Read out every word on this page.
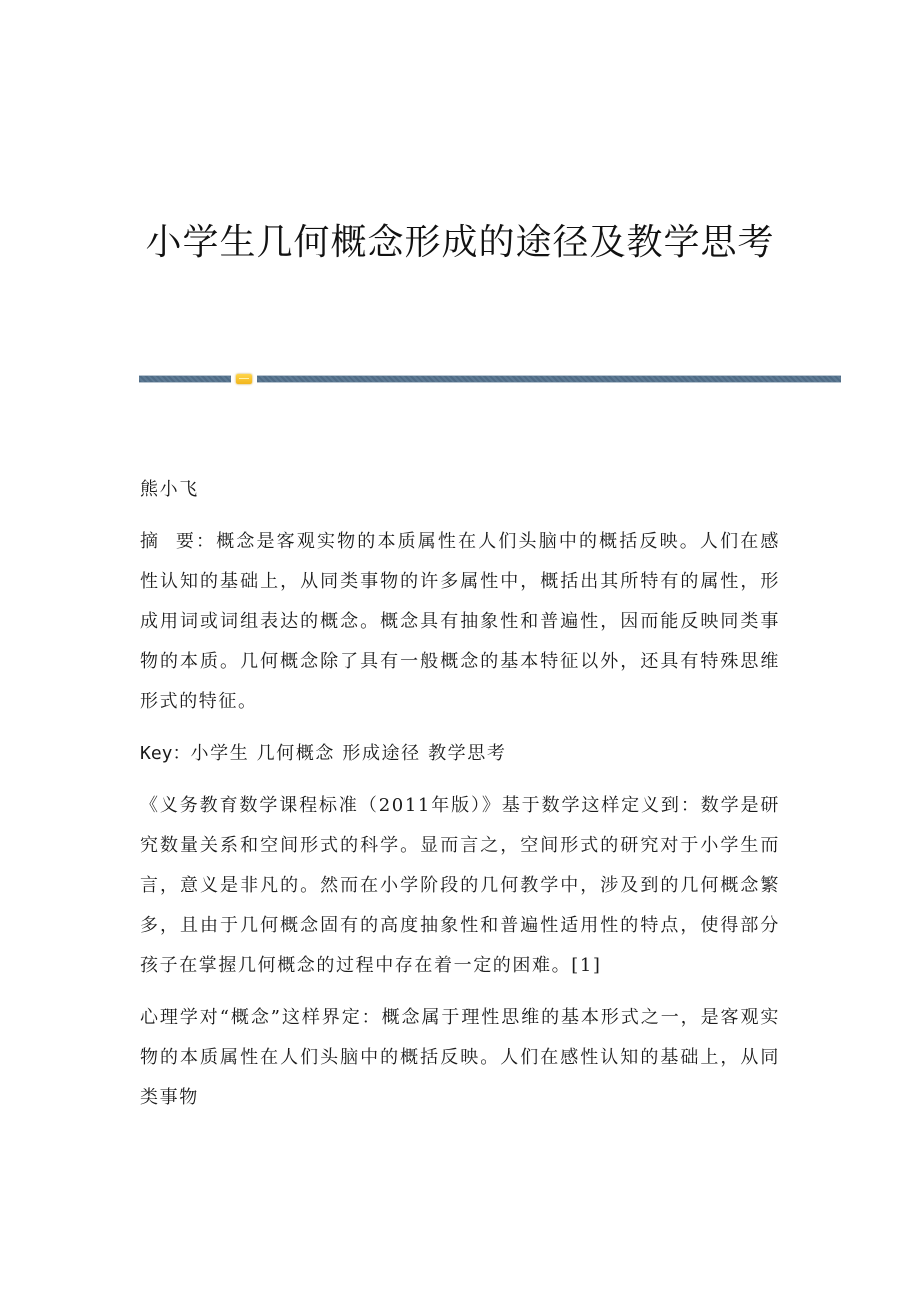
小学生几何概念形成的途径及教学思考

熊小飞

摘  要：概念是客观实物的本质属性在人们头脑中的概括反映。人们在感性认知的基础上，从同类事物的许多属性中，概括出其所特有的属性，形成用词或词组表达的概念。概念具有抽象性和普遍性，因而能反映同类事物的本质。几何概念除了具有一般概念的基本特征以外，还具有特殊思维形式的特征。

Key：小学生 几何概念 形成途径 教学思考

《义务教育数学课程标准（2011年版）》基于数学这样定义到：数学是研究数量关系和空间形式的科学。显而言之，空间形式的研究对于小学生而言，意义是非凡的。然而在小学阶段的几何教学中，涉及到的几何概念繁多，且由于几何概念固有的高度抽象性和普遍性适用性的特点，使得部分孩子在掌握几何概念的过程中存在着一定的困难。[1]

心理学对“概念”这样界定：概念属于理性思维的基本形式之一，是客观实物的本质属性在人们头脑中的概括反映。人们在感性认知的基础上，从同类事物
